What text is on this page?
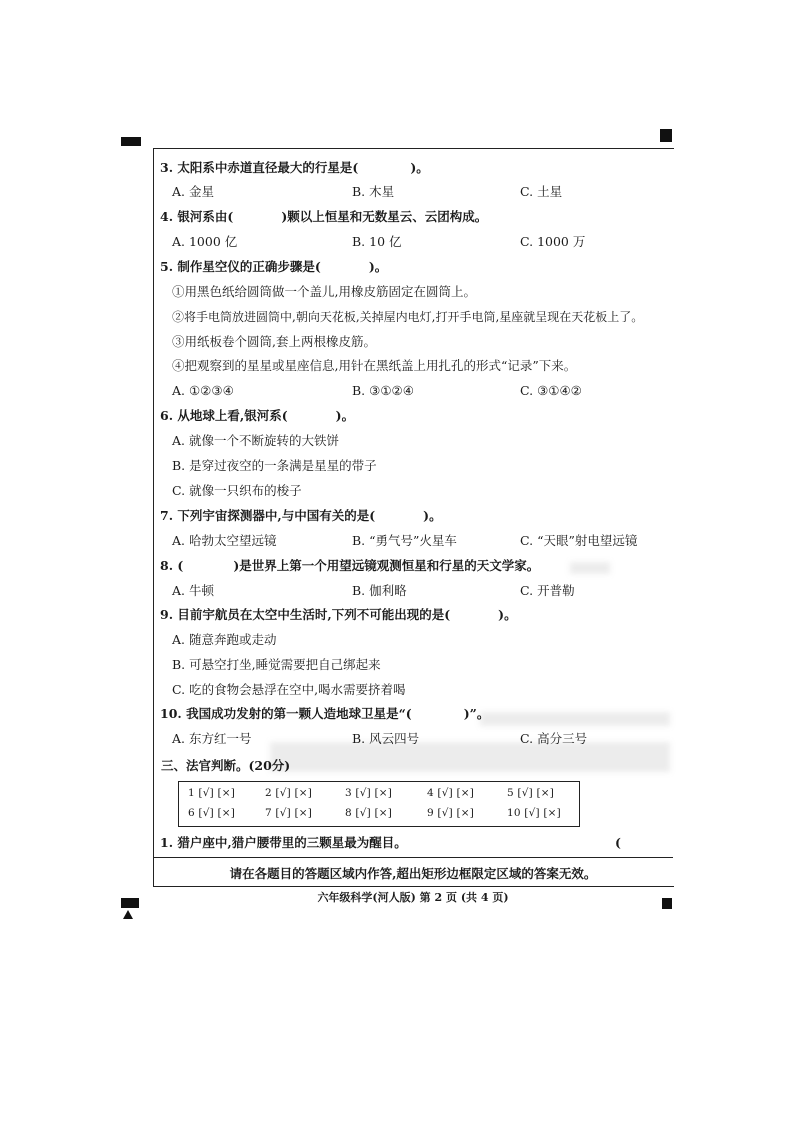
3. 太阳系中赤道直径最大的行星是(	)。
A. 金星	B. 木星	C. 土星
4. 银河系由(	)颗以上恒星和无数星云、云团构成。
A. 1000 亿	B. 10 亿	C. 1000 万
5. 制作星空仪的正确步骤是(	)。
①用黑色纸给圆筒做一个盖儿,用橡皮筋固定在圆筒上。
②将手电筒放进圆筒中,朝向天花板,关掉屋内电灯,打开手电筒,星座就呈现在天花板上了。
③用纸板卷个圆筒,套上两根橡皮筋。
④把观察到的星星或星座信息,用针在黑纸盖上用扎孔的形式“记录”下来。
A. ①②③④	B. ③①②④	C. ③①④②
6. 从地球上看,银河系(	)。
A. 就像一个不断旋转的大铁饼
B. 是穿过夜空的一条满是星星的带子
C. 就像一只织布的梭子
7. 下列宇宙探测器中,与中国有关的是(	)。
A. 哈勃太空望远镜	B. “勇气号”火星车	C. “天眼”射电望远镜
8. (	)是世界上第一个用望远镜观测恒星和行星的天文学家。
A. 牛顿	B. 伽利略	C. 开普勒
9. 目前宇航员在太空中生活时,下列不可能出现的是(	)。
A. 随意奔跑或走动
B. 可悬空打坐,睡觉需要把自己绑起来
C. 吃的食物会悬浮在空中,喝水需要挤着喝
10. 我国成功发射的第一颗人造地球卫星是“(	)”。
A. 东方红一号	B. 风云四号	C. 高分三号
三、法官判断。(20分)
1 [√] [×]	2 [√] [×]	3 [√] [×]	4 [√] [×]	5 [√] [×]
6 [√] [×]	7 [√] [×]	8 [√] [×]	9 [√] [×]	10 [√] [×]
1. 猎户座中,猎户腰带里的三颗星最为醒目。	(
请在各题目的答题区域内作答,超出矩形边框限定区域的答案无效。
六年级科学(河人版) 第 2 页 (共 4 页)
